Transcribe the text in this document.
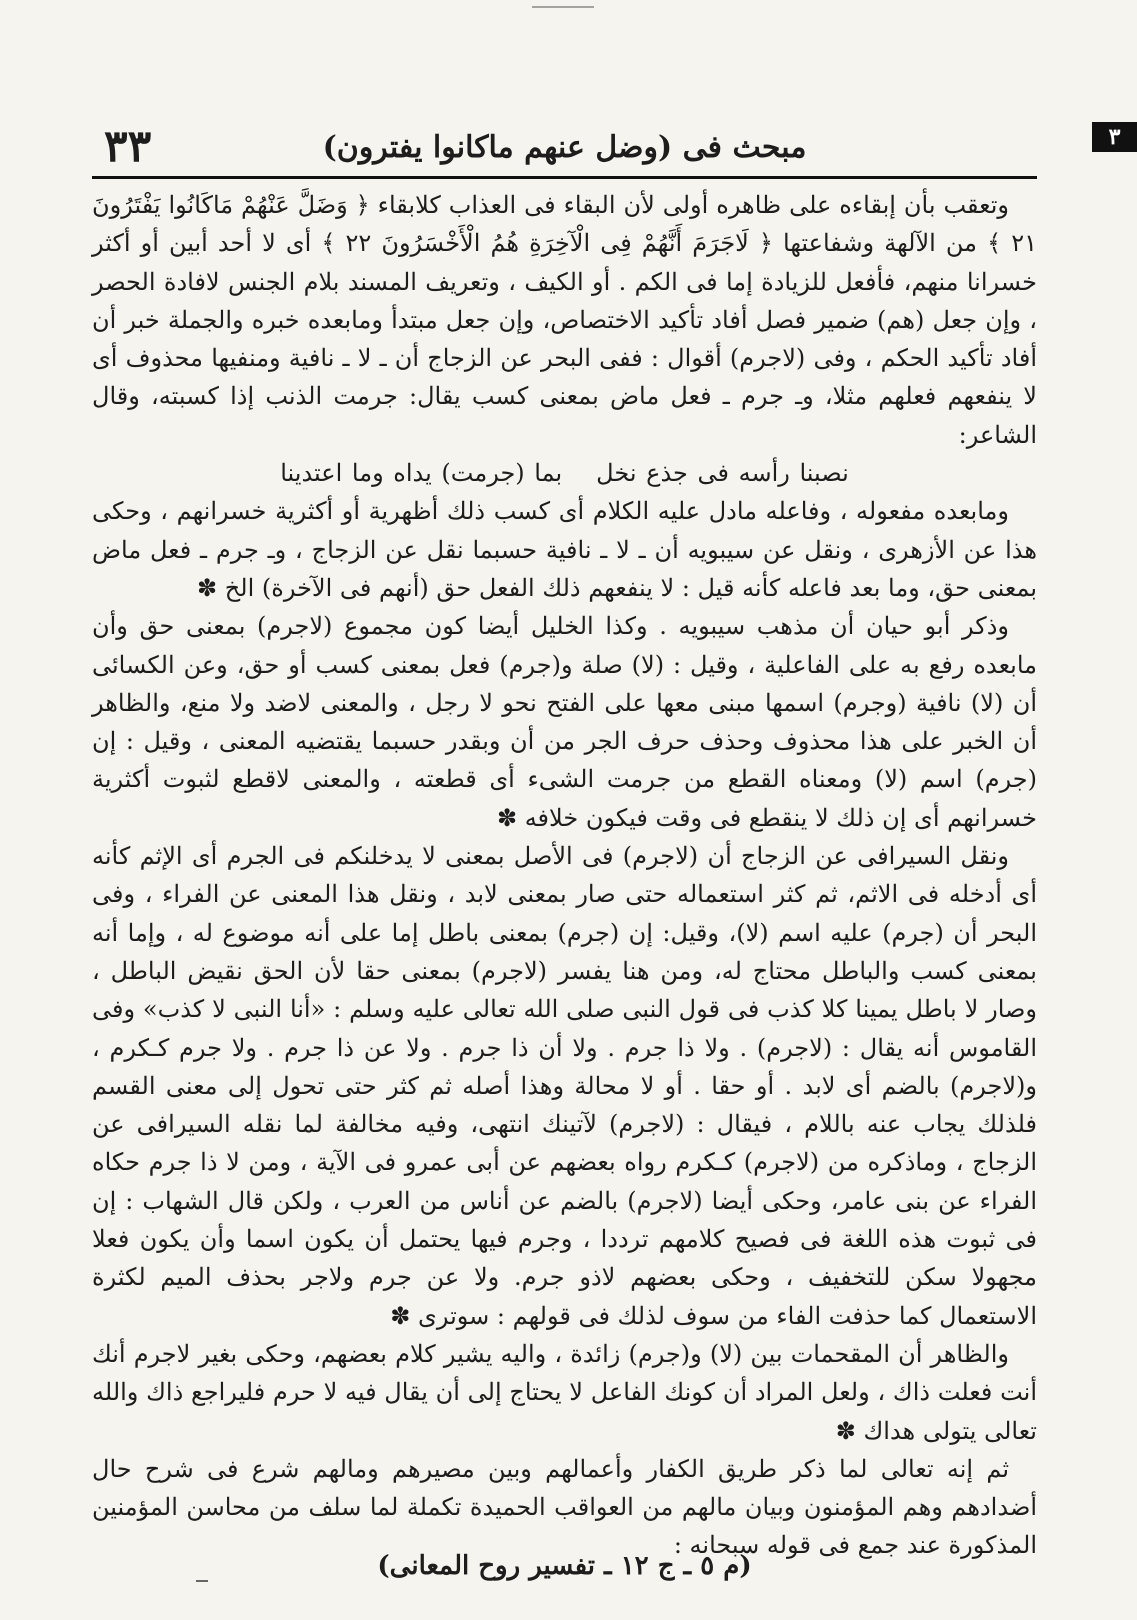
٣
٣٣	مبحث فى (وضل عنهم ماكانوا يفترون)

وتعقب بأن إبقاءه على ظاهره أولى لأن البقاء فى العذاب كلابقاء ﴿ وَضَلَّ عَنْهُمْ مَاكَانُوا يَفْتَرُونَ ٢١ ﴾ من الآلهة وشفاعتها ﴿ لَاجَرَمَ أَنَّهُمْ فِى الْآخِرَةِ هُمُ الْأَخْسَرُونَ ٢٢ ﴾ أى لا أحد أبين أو أكثر خسرانا منهم، فأفعل للزيادة إما فى الكم . أو الكيف ، وتعريف المسند بلام الجنس لافادة الحصر ، وإن جعل (هم) ضمير فصل أفاد تأكيد الاختصاص، وإن جعل مبتدأ ومابعده خبره والجملة خبر أن أفاد تأكيد الحكم ، وفى (لاجرم) أقوال : ففى البحر عن الزجاج أن ـ لا ـ نافية ومنفيها محذوف أى لا ينفعهم فعلهم مثلا، وـ جرم ـ فعل ماض بمعنى كسب يقال: جرمت الذنب إذا كسبته، وقال الشاعر:

نصبنا رأسه فى جذع نخلبما (جرمت) يداه وما اعتدينا

ومابعده مفعوله ، وفاعله مادل عليه الكلام أى كسب ذلك أظهرية أو أكثرية خسرانهم ، وحكى هذا عن الأزهرى ، ونقل عن سيبويه أن ـ لا ـ نافية حسبما نقل عن الزجاج ، وـ جرم ـ فعل ماض بمعنى حق، وما بعد فاعله كأنه قيل : لا ينفعهم ذلك الفعل حق (أنهم فى الآخرة) الخ ✽

وذكر أبو حيان أن مذهب سيبويه . وكذا الخليل أيضا كون مجموع (لاجرم) بمعنى حق وأن مابعده رفع به على الفاعلية ، وقيل : (لا) صلة و(جرم) فعل بمعنى كسب أو حق، وعن الكسائى أن (لا) نافية (وجرم) اسمها مبنى معها على الفتح نحو لا رجل ، والمعنى لاضد ولا منع، والظاهر أن الخبر على هذا محذوف وحذف حرف الجر من أن وبقدر حسبما يقتضيه المعنى ، وقيل : إن (جرم) اسم (لا) ومعناه القطع من جرمت الشىء أى قطعته ، والمعنى لاقطع لثبوت أكثرية خسرانهم أى إن ذلك لا ينقطع فى وقت فيكون خلافه ✽

ونقل السيرافى عن الزجاج أن (لاجرم) فى الأصل بمعنى لا يدخلنكم فى الجرم أى الإثم كأنه أى أدخله فى الاثم، ثم كثر استعماله حتى صار بمعنى لابد ، ونقل هذا المعنى عن الفراء ، وفى البحر أن (جرم) عليه اسم (لا)، وقيل: إن (جرم) بمعنى باطل إما على أنه موضوع له ، وإما أنه بمعنى كسب والباطل محتاج له، ومن هنا يفسر (لاجرم) بمعنى حقا لأن الحق نقيض الباطل ، وصار لا باطل يمينا كلا كذب فى قول النبى صلى الله تعالى عليه وسلم : «أنا النبى لا كذب» وفى القاموس أنه يقال : (لاجرم) . ولا ذا جرم . ولا أن ذا جرم . ولا عن ذا جرم . ولا جرم كـكرم ، و(لاجرم) بالضم أى لابد . أو حقا . أو لا محالة وهذا أصله ثم كثر حتى تحول إلى معنى القسم فلذلك يجاب عنه باللام ، فيقال : (لاجرم) لآتينك انتهى، وفيه مخالفة لما نقله السيرافى عن الزجاج ، وماذكره من (لاجرم) كـكرم رواه بعضهم عن أبى عمرو فى الآية ، ومن لا ذا جرم حكاه الفراء عن بنى عامر، وحكى أيضا (لاجرم) بالضم عن أناس من العرب ، ولكن قال الشهاب : إن فى ثبوت هذه اللغة فى فصيح كلامهم ترددا ، وجرم فيها يحتمل أن يكون اسما وأن يكون فعلا مجهولا سكن للتخفيف ، وحكى بعضهم لاذو جرم. ولا عن جرم ولاجر بحذف الميم لكثرة الاستعمال كما حذفت الفاء من سوف لذلك فى قولهم : سوترى ✽

والظاهر أن المقحمات بين (لا) و(جرم) زائدة ، واليه يشير كلام بعضهم، وحكى بغير لاجرم أنك أنت فعلت ذاك ، ولعل المراد أن كونك الفاعل لا يحتاج إلى أن يقال فيه لا حرم فليراجع ذاك والله تعالى يتولى هداك ✽

ثم إنه تعالى لما ذكر طريق الكفار وأعمالهم وبين مصيرهم ومالهم شرع فى شرح حال أضدادهم وهم المؤمنون وبيان مالهم من العواقب الحميدة تكملة لما سلف من محاسن المؤمنين المذكورة عند جمع فى قوله سبحانه :

(م ٥ ـ ج ١٢ ـ تفسير روح المعانى)
